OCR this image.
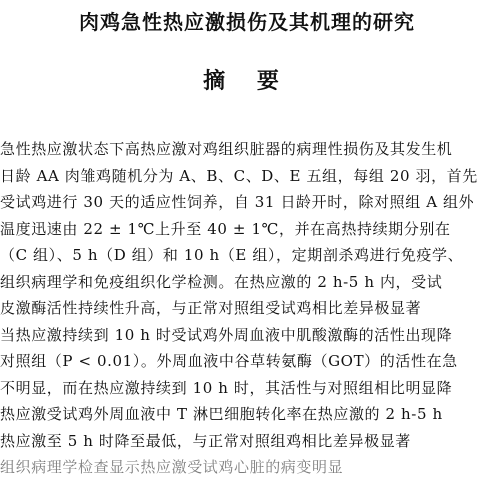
肉鸡急性热应激损伤及其机理的研究
摘 要
急性热应激状态下高热应激对鸡组织脏器的病理性损伤及其发生机
日龄 AA 肉雏鸡随机分为 A、B、C、D、E 五组，每组 20 羽，首先
受试鸡进行 30 天的适应性饲养，自 31 日龄开时，除对照组 A 组外
温度迅速由 22 ± 1℃上升至 40 ± 1℃，并在高热持续期分别在
（C 组）、5 h（D 组）和 10 h（E 组），定期剖杀鸡进行免疫学、
组织病理学和免疫组织化学检测。在热应激的 2 h-5 h 内，受试
皮激酶活性持续性升高，与正常对照组受试鸡相比差异极显著
当热应激持续到 10 h 时受试鸡外周血液中肌酸激酶的活性出现降
对照组（P < 0.01）。外周血液中谷草转氨酶（GOT）的活性在急
不明显，而在热应激持续到 10 h 时，其活性与对照组相比明显降
热应激受试鸡外周血液中 T 淋巴细胞转化率在热应激的 2 h-5 h
热应激至 5 h 时降至最低，与正常对照组鸡相比差异极显著
组织病理学检查显示热应激受试鸡心脏的病变明显
